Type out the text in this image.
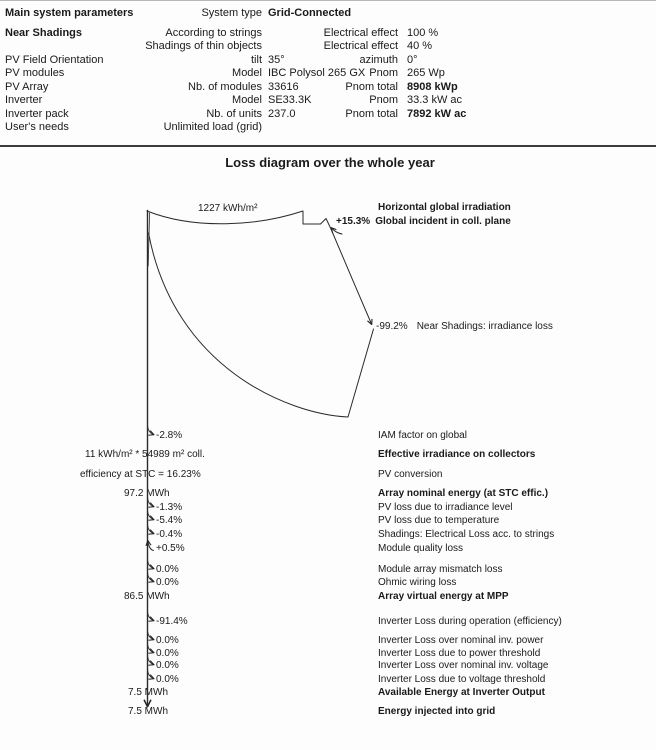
Main system parameters	System type Grid-Connected
Near Shadings	According to strings	Electrical effect 100 %
Shadings of thin objects	Electrical effect 40 %
PV Field Orientation	tilt 35°	azimuth 0°
PV modules	Model IBC Polysol 265 GX Pnom 265 Wp
PV Array	Nb. of modules 33616	Pnom total 8908 kWp
Inverter	Model SE33.3K	Pnom 33.3 kW ac
Inverter pack	Nb. of units 237.0	Pnom total 7892 kW ac
User's needs	Unlimited load (grid)
Loss diagram over the whole year
1227 kWh/m²	Horizontal global irradiation
+15.3% Global incident in coll. plane
-99.2% Near Shadings: irradiance loss
-2.8%	IAM factor on global
11 kWh/m² * 54989 m² coll.	Effective irradiance on collectors
efficiency at STC = 16.23%	PV conversion
97.2 MWh	Array nominal energy (at STC effic.)
-1.3%	PV loss due to irradiance level
-5.4%	PV loss due to temperature
-0.4%	Shadings: Electrical Loss acc. to strings
+0.5%	Module quality loss
0.0%	Module array mismatch loss
0.0%	Ohmic wiring loss
86.5 MWh	Array virtual energy at MPP
-91.4%	Inverter Loss during operation (efficiency)
0.0%	Inverter Loss over nominal inv. power
0.0%	Inverter Loss due to power threshold
0.0%	Inverter Loss over nominal inv. voltage
0.0%	Inverter Loss due to voltage threshold
7.5 MWh	Available Energy at Inverter Output
7.5 MWh	Energy injected into grid
